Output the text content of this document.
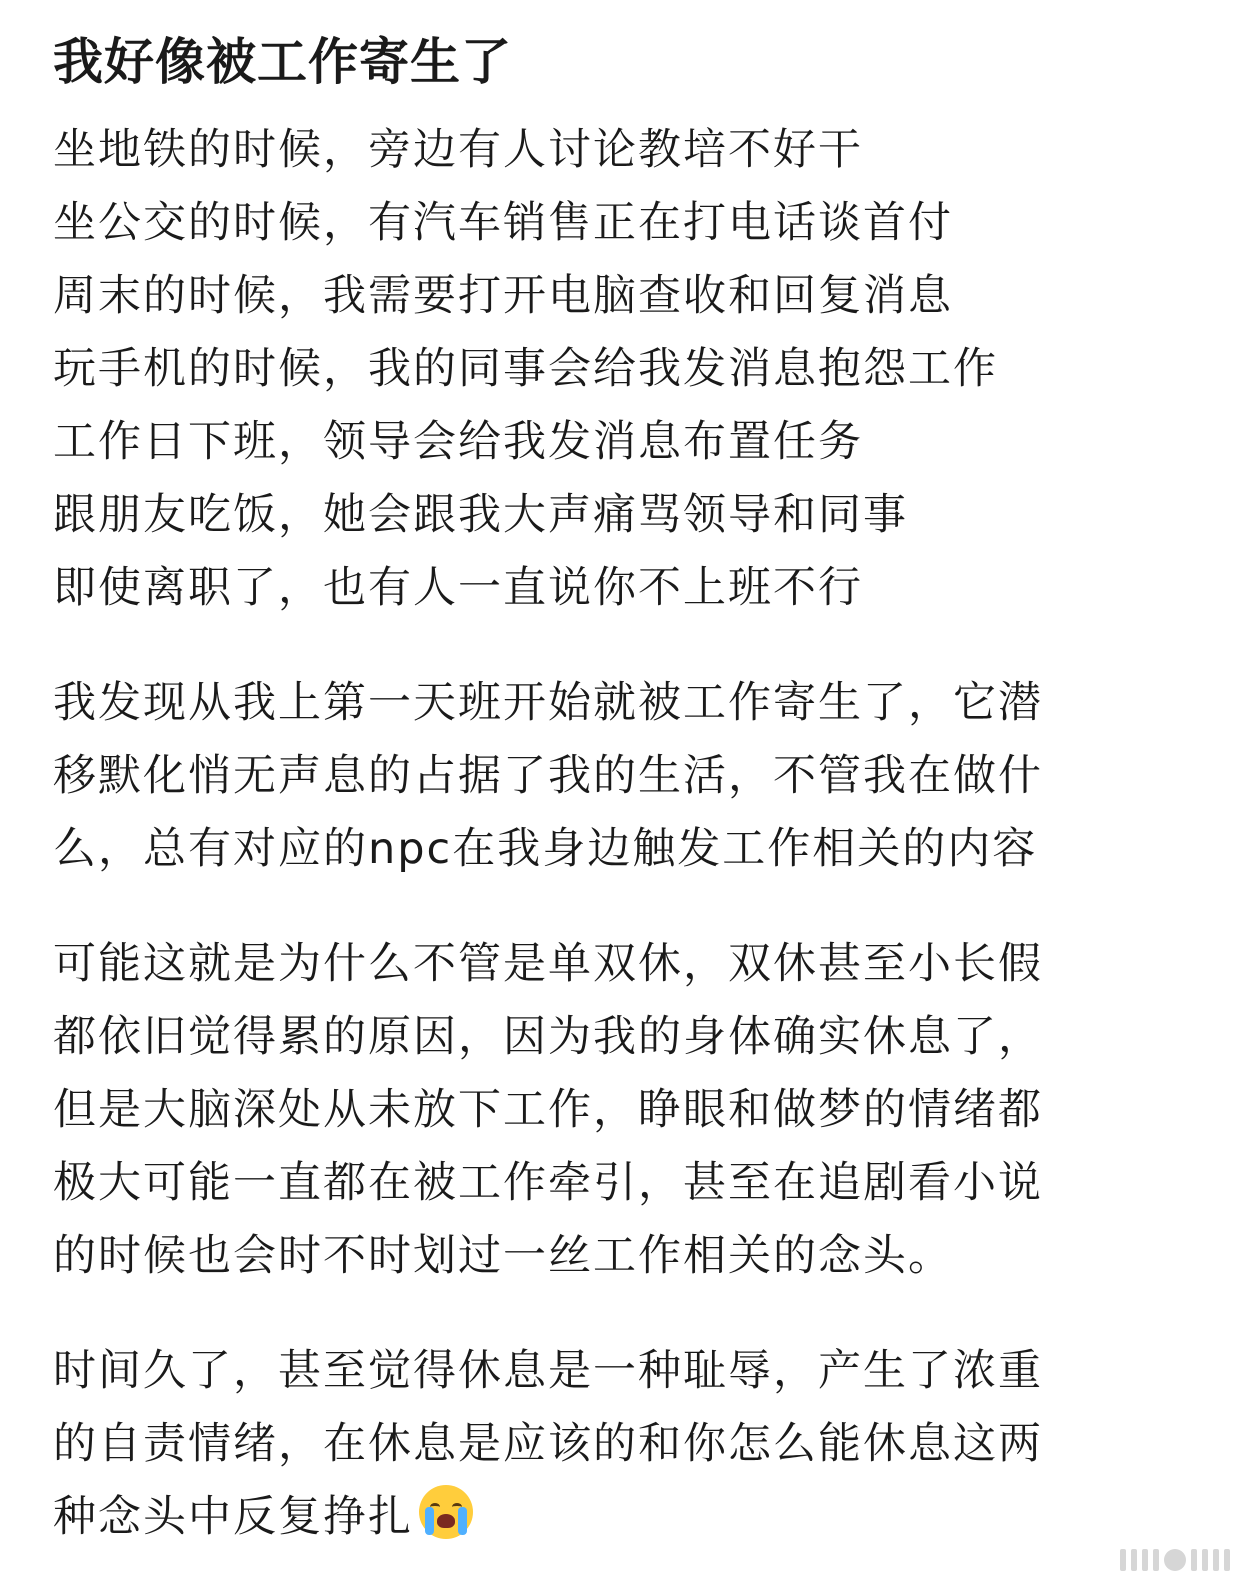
我好像被工作寄生了
坐地铁的时候，旁边有人讨论教培不好干
坐公交的时候，有汽车销售正在打电话谈首付
周末的时候，我需要打开电脑查收和回复消息
玩手机的时候，我的同事会给我发消息抱怨工作
工作日下班，领导会给我发消息布置任务
跟朋友吃饭，她会跟我大声痛骂领导和同事
即使离职了，也有人一直说你不上班不行
我发现从我上第一天班开始就被工作寄生了，它潜
移默化悄无声息的占据了我的生活，不管我在做什
么，总有对应的npc在我身边触发工作相关的内容
可能这就是为什么不管是单双休，双休甚至小长假
都依旧觉得累的原因，因为我的身体确实休息了，
但是大脑深处从未放下工作，睁眼和做梦的情绪都
极大可能一直都在被工作牵引，甚至在追剧看小说
的时候也会时不时划过一丝工作相关的念头。
时间久了，甚至觉得休息是一种耻辱，产生了浓重
的自责情绪，在休息是应该的和你怎么能休息这两
种念头中反复挣扎
